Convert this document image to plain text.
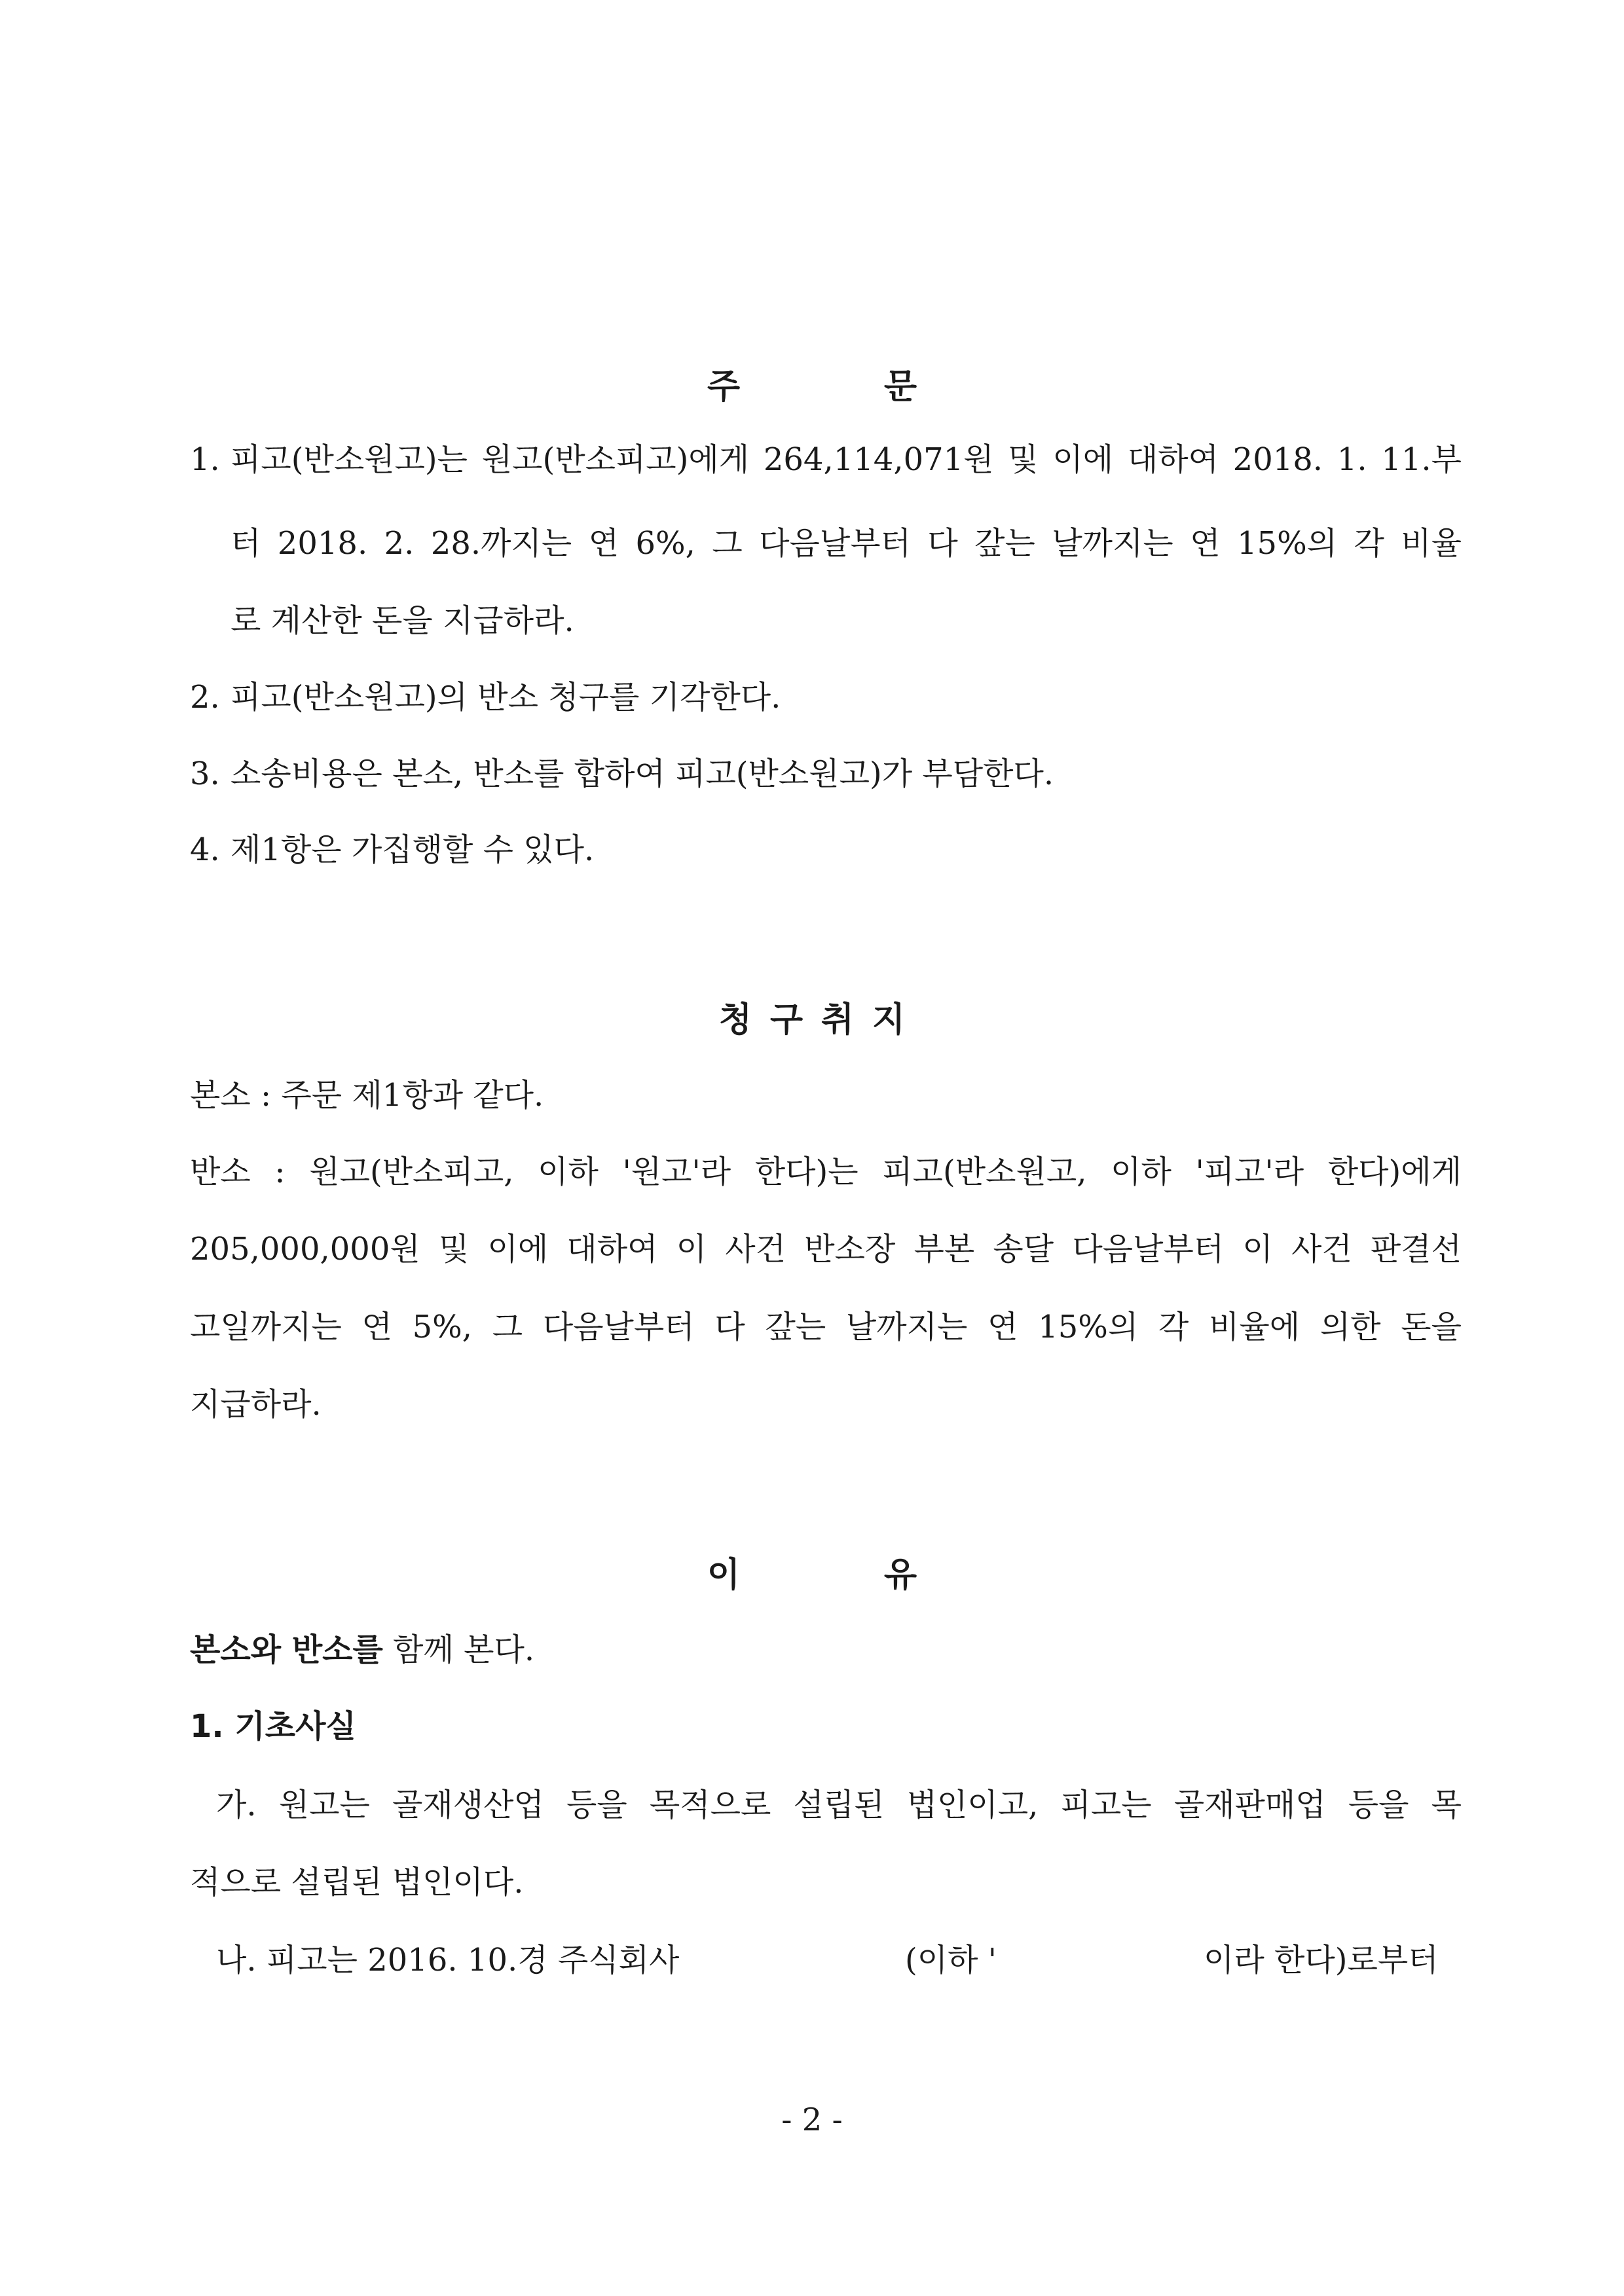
주	문
1. 피고(반소원고)는 원고(반소피고)에게 264,114,071원 및 이에 대하여 2018. 1. 11.부
터 2018. 2. 28.까지는 연 6%, 그 다음날부터 다 갚는 날까지는 연 15%의 각 비율
로 계산한 돈을 지급하라.
2. 피고(반소원고)의 반소 청구를 기각한다.
3. 소송비용은 본소, 반소를 합하여 피고(반소원고)가 부담한다.
4. 제1항은 가집행할 수 있다.
청 구 취 지
본소 : 주문 제1항과 같다.
반소 : 원고(반소피고, 이하 '원고'라 한다)는 피고(반소원고, 이하 '피고'라 한다)에게
205,000,000원 및 이에 대하여 이 사건 반소장 부본 송달 다음날부터 이 사건 판결선
고일까지는 연 5%, 그 다음날부터 다 갚는 날까지는 연 15%의 각 비율에 의한 돈을
지급하라.
이	유
본소와 반소를 함께 본다.
1. 기초사실
가. 원고는 골재생산업 등을 목적으로 설립된 법인이고, 피고는 골재판매업 등을 목
적으로 설립된 법인이다.
나. 피고는 2016. 10.경 주식회사	(이하 '	이라 한다)로부터
- 2 -
